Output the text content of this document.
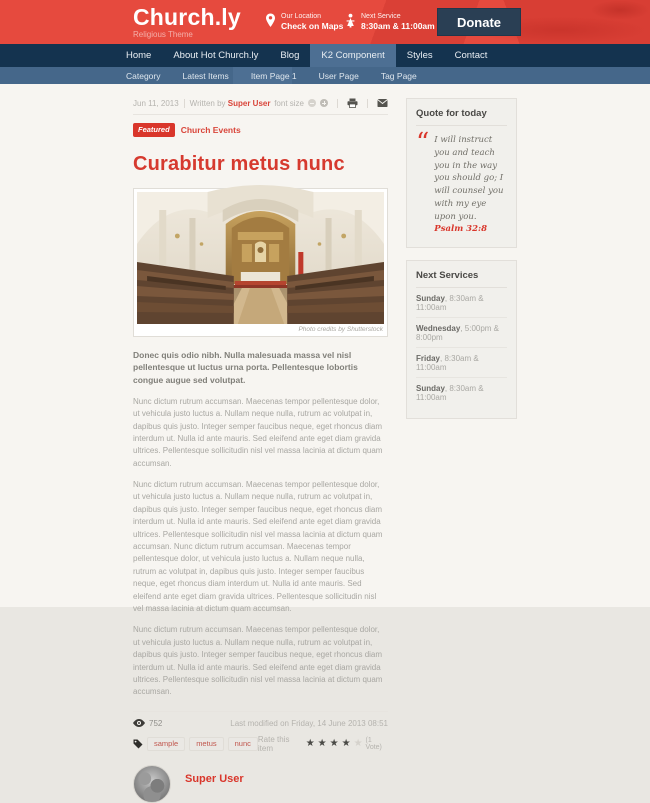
Church.ly
Religious Theme
Our Location
Check on Maps
Next Service
8:30am & 11:00am	Donate
Home	About Hot Church.ly	Blog	K2 Component	Styles	Contact
Category	Latest Items	Item Page 1	User Page	Tag Page
Jun 11, 2013 Written by
Super User font size
Featured	Church Events
Curabitur metus nunc
Photo credits by Shutterstock

Donec quis odio nibh. Nulla malesuada massa vel nisl pellentesque ut luctus urna porta. Pellentesque lobortis congue augue sed volutpat.

Nunc dictum rutrum accumsan. Maecenas tempor pellentesque dolor, ut vehicula justo luctus a. Nullam neque nulla, rutrum ac volutpat in, dapibus quis justo. Integer semper faucibus neque, eget rhoncus diam interdum ut. Nulla id ante mauris. Sed eleifend ante eget diam gravida ultrices. Pellentesque sollicitudin nisl vel massa lacinia at dictum quam accumsan.

Nunc dictum rutrum accumsan. Maecenas tempor pellentesque dolor, ut vehicula justo luctus a. Nullam neque nulla, rutrum ac volutpat in, dapibus quis justo. Integer semper faucibus neque, eget rhoncus diam interdum ut. Nulla id ante mauris. Sed eleifend ante eget diam gravida ultrices. Pellentesque sollicitudin nisl vel massa lacinia at dictum quam accumsan. Nunc dictum rutrum accumsan. Maecenas tempor pellentesque dolor, ut vehicula justo luctus a. Nullam neque nulla, rutrum ac volutpat in, dapibus quis justo. Integer semper faucibus neque, eget rhoncus diam interdum ut. Nulla id ante mauris. Sed eleifend ante eget diam gravida ultrices. Pellentesque sollicitudin nisl vel massa lacinia at dictum quam accumsan.

Nunc dictum rutrum accumsan. Maecenas tempor pellentesque dolor, ut vehicula justo luctus a. Nullam neque nulla, rutrum ac volutpat in, dapibus quis justo. Integer semper faucibus neque, eget rhoncus diam interdum ut. Nulla id ante mauris. Sed eleifend ante eget diam gravida ultrices. Pellentesque sollicitudin nisl vel massa lacinia at dictum quam accumsan.

752	Last modified on Friday, 14 June 2013 08:51
sample	metus	nunc Rate this item
★
★
★
★
★
(1 Vote)
Super User
Quote for today
“ I will instruct you and teach you in the way you should go; I will counsel you with my eye upon you. Psalm 32:8
Next Services
Sunday, 8:30am & 11:00am
Wednesday, 5:00pm & 8:00pm
Friday, 8:30am & 11:00am
Sunday, 8:30am & 11:00am
